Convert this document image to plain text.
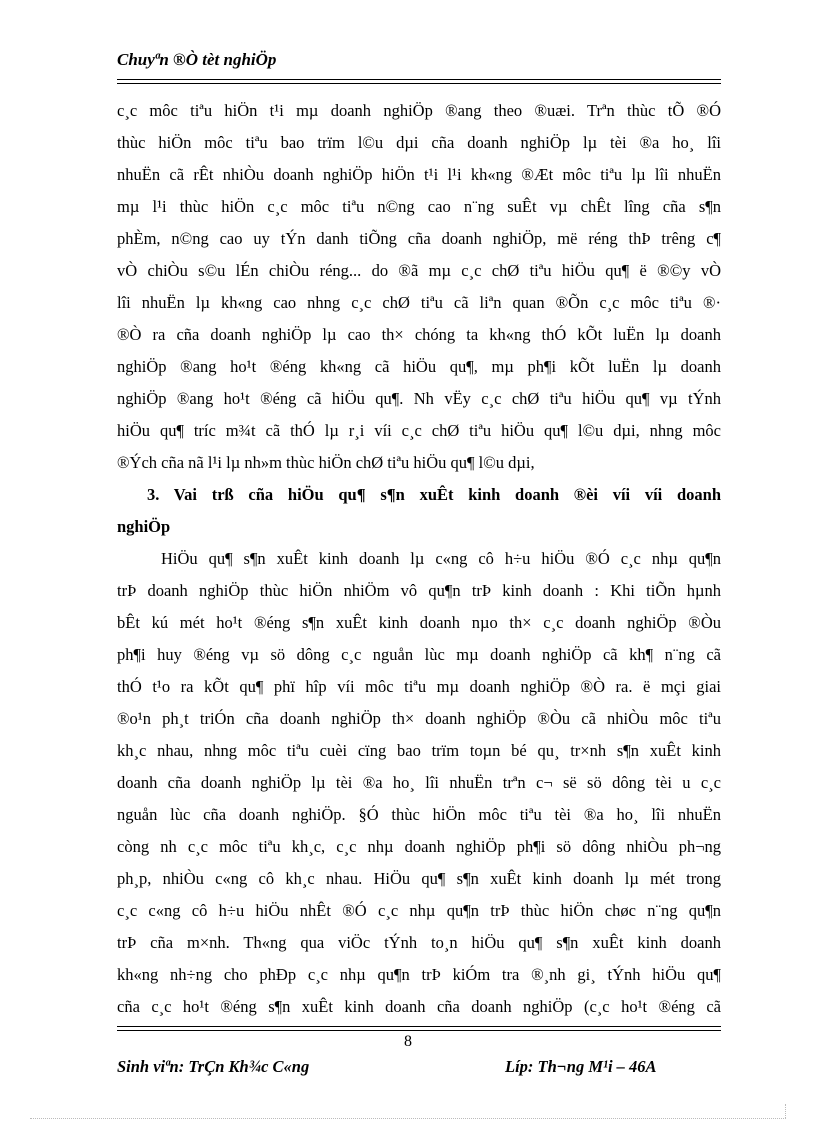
Chuyªn ®Ò tèt nghiÖp
c¸c môc tiªu hiÖn t¹i mµ doanh nghiÖp ®ang theo ®uæi. Trªn thùc tÕ ®Ó
thùc hiÖn môc tiªu bao trïm l©u dµi cña doanh nghiÖp lµ tèi ®a ho¸ lîi
nhuËn cã rÊt nhiÒu doanh nghiÖp hiÖn t¹i l¹i kh«ng ®Æt môc tiªu lµ lîi nhuËn
mµ l¹i thùc hiÖn c¸c môc tiªu n©ng cao n¨ng suÊt vµ chÊt lîng cña s¶n
phÈm, n©ng cao uy tÝn danh tiÕng cña doanh nghiÖp, më réng thÞ trêng c¶
vÒ chiÒu s©u lÉn chiÒu réng... do ®ã mµ c¸c chØ tiªu hiÖu qu¶ ë ®©y vÒ
lîi nhuËn lµ kh«ng cao nhng c¸c chØ tiªu cã liªn quan ®Õn c¸c môc tiªu ®·
®Ò ra cña doanh nghiÖp lµ cao th× chóng ta kh«ng thÓ kÕt luËn lµ doanh
nghiÖp ®ang ho¹t ®éng kh«ng cã hiÖu qu¶, mµ ph¶i kÕt luËn lµ doanh
nghiÖp ®ang ho¹t ®éng cã hiÖu qu¶. Nh vËy c¸c chØ tiªu hiÖu qu¶ vµ tÝnh
hiÖu qu¶ tríc m¾t cã thÓ lµ r¸i víi c¸c chØ tiªu hiÖu qu¶ l©u dµi, nhng môc
®Ých cña nã l¹i lµ nh»m thùc hiÖn chØ tiªu hiÖu qu¶ l©u dµi,
3. Vai trß cña hiÖu qu¶ s¶n xuÊt kinh doanh ®èi víi víi doanh
nghiÖp
HiÖu qu¶ s¶n xuÊt kinh doanh lµ c«ng cô h÷u hiÖu ®Ó c¸c nhµ qu¶n
trÞ doanh nghiÖp thùc hiÖn nhiÖm vô qu¶n trÞ kinh doanh : Khi tiÕn hµnh
bÊt kú mét ho¹t ®éng s¶n xuÊt kinh doanh nµo th× c¸c doanh nghiÖp ®Òu
ph¶i huy ®éng vµ sö dông c¸c nguån lùc mµ doanh nghiÖp cã kh¶ n¨ng cã
thÓ t¹o ra kÕt qu¶ phï hîp víi môc tiªu mµ doanh nghiÖp ®Ò ra. ë mçi giai
®o¹n ph¸t triÓn cña doanh nghiÖp th× doanh nghiÖp ®Òu cã nhiÒu môc tiªu
kh¸c nhau, nhng môc tiªu cuèi cïng bao trïm toµn bé qu¸ tr×nh s¶n xuÊt kinh
doanh cña doanh nghiÖp lµ tèi ®a ho¸ lîi nhuËn trªn c¬ së sö dông tèi u c¸c
nguån lùc cña doanh nghiÖp. §Ó thùc hiÖn môc tiªu tèi ®a ho¸ lîi nhuËn
còng nh c¸c môc tiªu kh¸c, c¸c nhµ doanh nghiÖp ph¶i sö dông nhiÒu ph¬ng
ph¸p, nhiÒu c«ng cô kh¸c nhau. HiÖu qu¶ s¶n xuÊt kinh doanh lµ mét trong
c¸c c«ng cô h÷u hiÖu nhÊt ®Ó c¸c nhµ qu¶n trÞ thùc hiÖn chøc n¨ng qu¶n
trÞ cña m×nh. Th«ng qua viÖc tÝnh to¸n hiÖu qu¶ s¶n xuÊt kinh doanh
kh«ng nh÷ng cho phÐp c¸c nhµ qu¶n trÞ kiÓm tra ®¸nh gi¸ tÝnh hiÖu qu¶
cña c¸c ho¹t ®éng s¶n xuÊt kinh doanh cña doanh nghiÖp (c¸c ho¹t ®éng cã
8
Sinh viªn: TrÇn Kh¾c C«ng	Líp: Th¬ng M¹i – 46A
